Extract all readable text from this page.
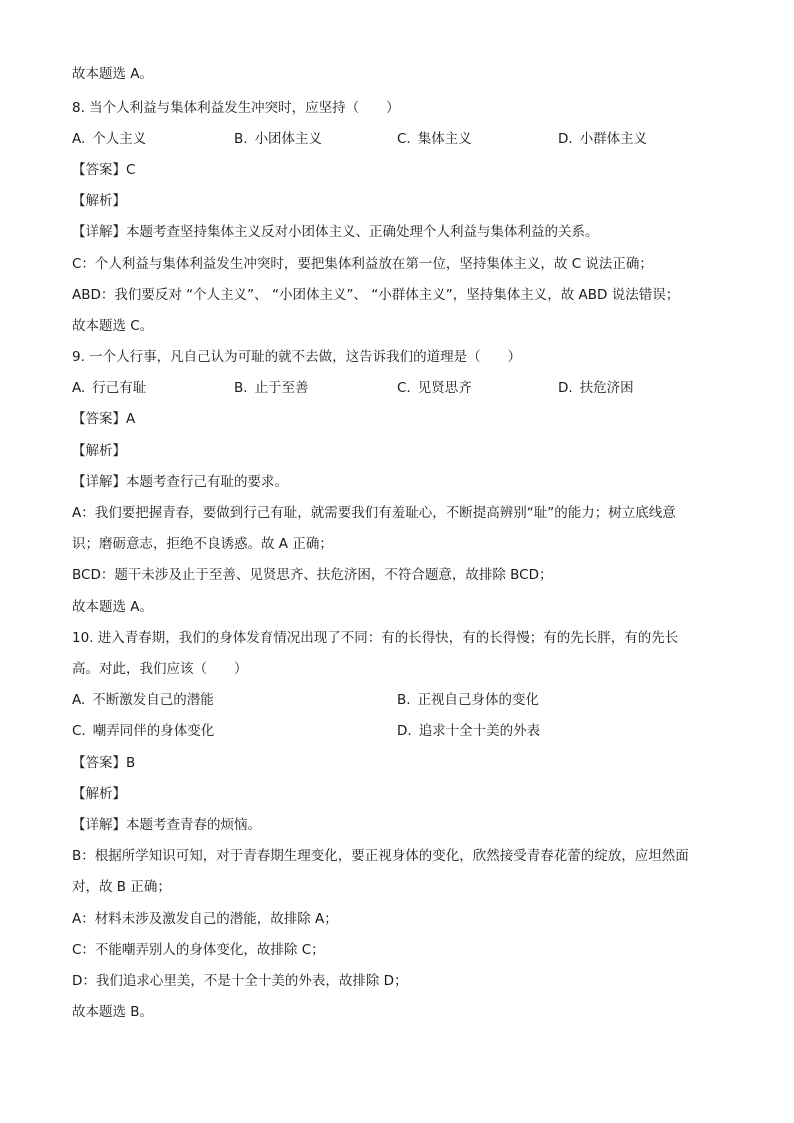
故本题选 A。
8. 当个人利益与集体利益发生冲突时，应坚持（　　）
A. 个人主义	B. 小团体主义	C. 集体主义	D. 小群体主义
【答案】C
【解析】
【详解】本题考查坚持集体主义反对小团体主义、正确处理个人利益与集体利益的关系。
C：个人利益与集体利益发生冲突时，要把集体利益放在第一位，坚持集体主义，故 C 说法正确；
ABD：我们要反对 “个人主义”、 “小团体主义”、 “小群体主义”，坚持集体主义，故 ABD 说法错误；
故本题选 C。
9. 一个人行事，凡自己认为可耻的就不去做，这告诉我们的道理是（　　）
A. 行己有耻	B. 止于至善	C. 见贤思齐	D. 扶危济困
【答案】A
【解析】
【详解】本题考查行己有耻的要求。
A：我们要把握青春，要做到行己有耻，就需要我们有羞耻心，不断提高辨别“耻”的能力；树立底线意
识；磨砺意志，拒绝不良诱惑。故 A 正确；
BCD：题干未涉及止于至善、见贤思齐、扶危济困，不符合题意，故排除 BCD；
故本题选 A。
10. 进入青春期，我们的身体发育情况出现了不同：有的长得快，有的长得慢；有的先长胖，有的先长
高。对此，我们应该（　　）
A. 不断激发自己的潜能	B. 正视自己身体的变化
C. 嘲弄同伴的身体变化	D. 追求十全十美的外表
【答案】B
【解析】
【详解】本题考查青春的烦恼。
B：根据所学知识可知，对于青春期生理变化，要正视身体的变化，欣然接受青春花蕾的绽放，应坦然面
对，故 B 正确；
A：材料未涉及激发自己的潜能，故排除 A；
C：不能嘲弄别人的身体变化，故排除 C；
D：我们追求心里美，不是十全十美的外表，故排除 D；
故本题选 B。
